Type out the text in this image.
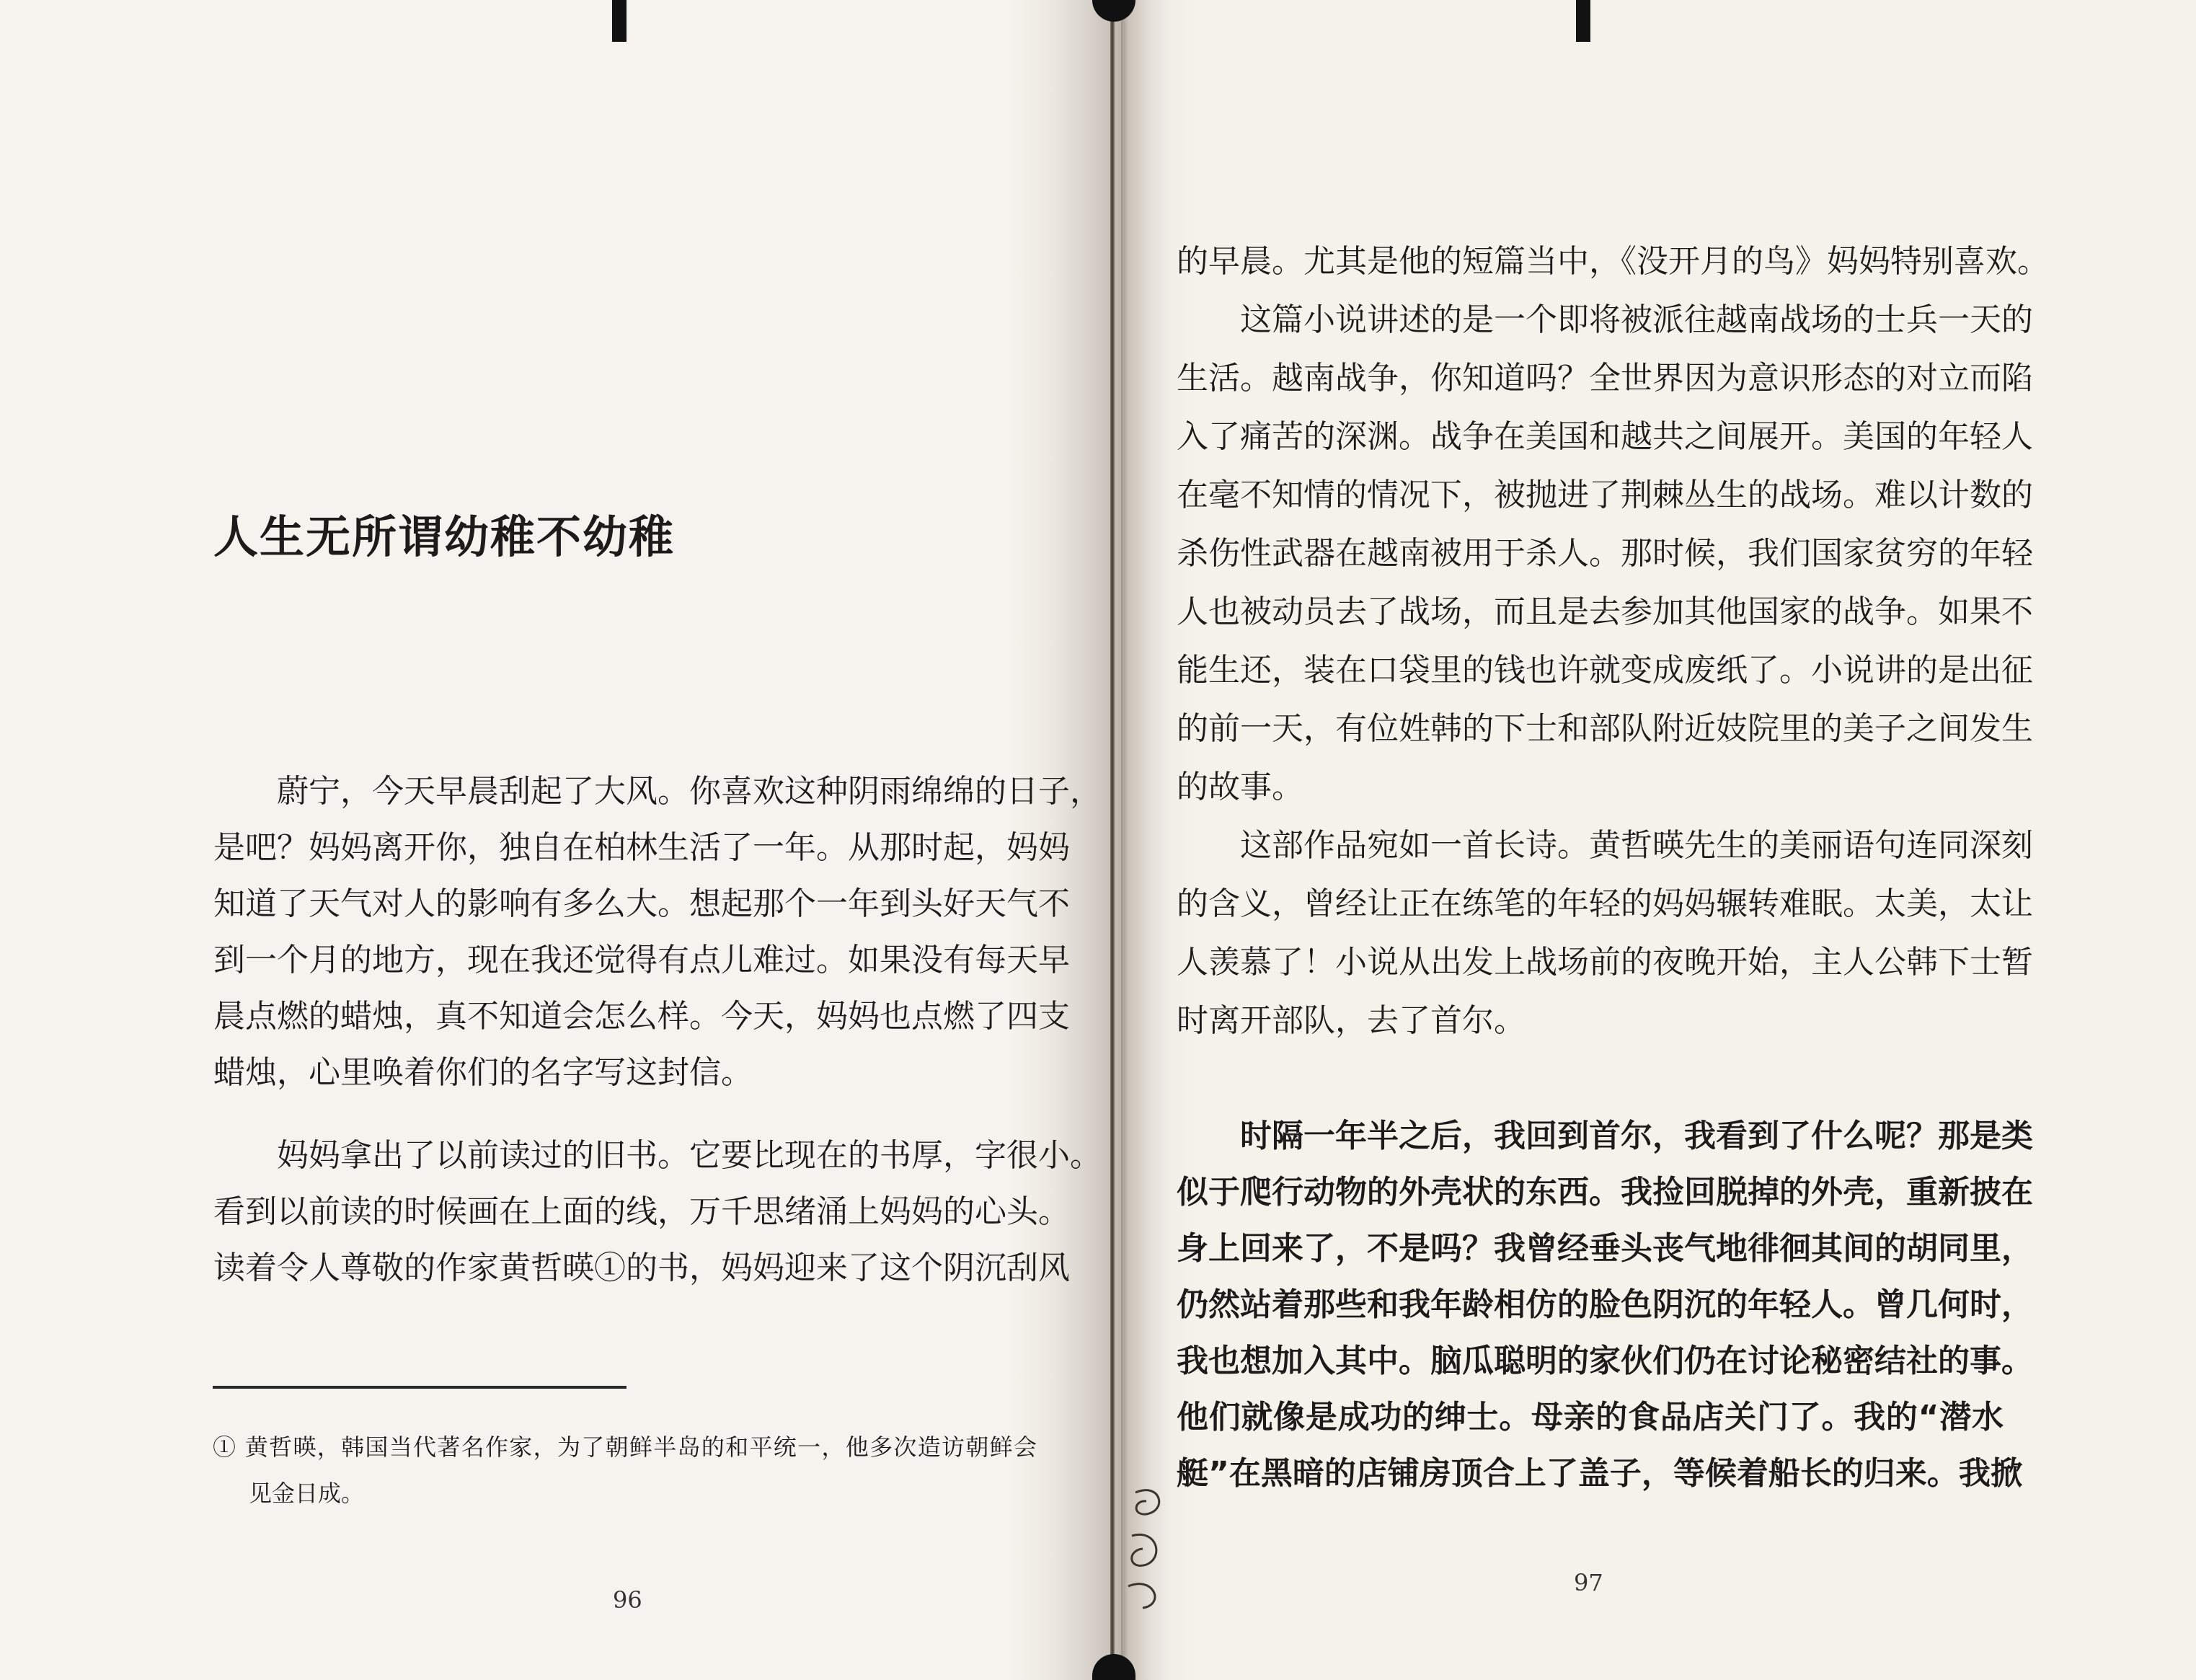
人生无所谓幼稚不幼稚
蔚宁，今天早晨刮起了大风。你喜欢这种阴雨绵绵的日子，
是吧？妈妈离开你，独自在柏林生活了一年。从那时起，妈妈
知道了天气对人的影响有多么大。想起那个一年到头好天气不
到一个月的地方，现在我还觉得有点儿难过。如果没有每天早
晨点燃的蜡烛，真不知道会怎么样。今天，妈妈也点燃了四支
蜡烛，心里唤着你们的名字写这封信。
妈妈拿出了以前读过的旧书。它要比现在的书厚，字很小。
看到以前读的时候画在上面的线，万千思绪涌上妈妈的心头。
读着令人尊敬的作家黄哲暎①的书，妈妈迎来了这个阴沉刮风
① 黄哲暎，韩国当代著名作家，为了朝鲜半岛的和平统一，他多次造访朝鲜会
见金日成。
96
的早晨。尤其是他的短篇当中，《没开月的鸟》妈妈特别喜欢。
这篇小说讲述的是一个即将被派往越南战场的士兵一天的
生活。越南战争，你知道吗？全世界因为意识形态的对立而陷
入了痛苦的深渊。战争在美国和越共之间展开。美国的年轻人
在毫不知情的情况下，被抛进了荆棘丛生的战场。难以计数的
杀伤性武器在越南被用于杀人。那时候，我们国家贫穷的年轻
人也被动员去了战场，而且是去参加其他国家的战争。如果不
能生还，装在口袋里的钱也许就变成废纸了。小说讲的是出征
的前一天，有位姓韩的下士和部队附近妓院里的美子之间发生
的故事。
这部作品宛如一首长诗。黄哲暎先生的美丽语句连同深刻
的含义，曾经让正在练笔的年轻的妈妈辗转难眠。太美，太让
人羡慕了！小说从出发上战场前的夜晚开始，主人公韩下士暂
时离开部队，去了首尔。
时隔一年半之后，我回到首尔，我看到了什么呢？那是类
似于爬行动物的外壳状的东西。我捡回脱掉的外壳，重新披在
身上回来了，不是吗？我曾经垂头丧气地徘徊其间的胡同里，
仍然站着那些和我年龄相仿的脸色阴沉的年轻人。曾几何时，
我也想加入其中。脑瓜聪明的家伙们仍在讨论秘密结社的事。
他们就像是成功的绅士。母亲的食品店关门了。我的“潜水
艇”在黑暗的店铺房顶合上了盖子，等候着船长的归来。我掀
97
